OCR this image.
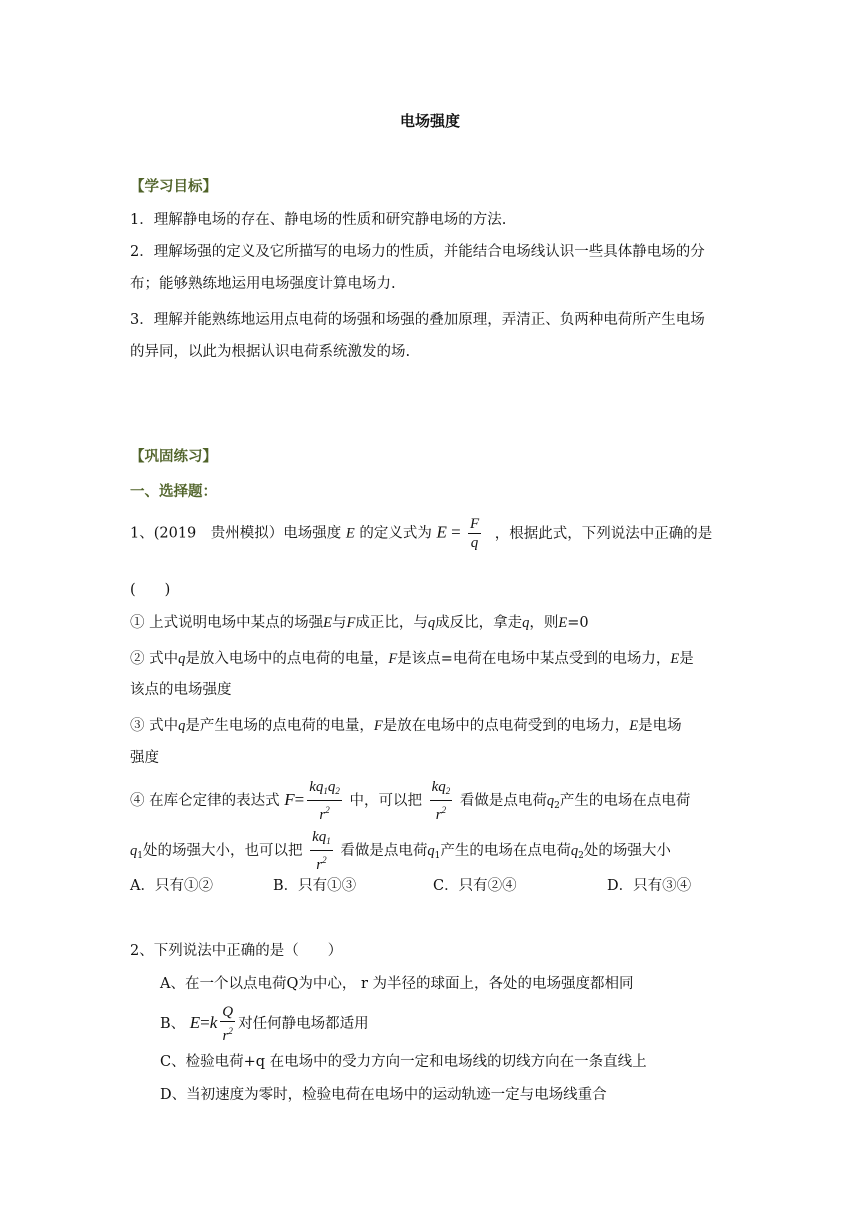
电场强度
【学习目标】
1．理解静电场的存在、静电场的性质和研究静电场的方法.
2．理解场强的定义及它所描写的电场力的性质，并能结合电场线认识一些具体静电场的分
布；能够熟练地运用电场强度计算电场力.
3．理解并能熟练地运用点电荷的场强和场强的叠加原理，弄清正、负两种电荷所产生电场
的异同，以此为根据认识电荷系统激发的场.
【巩固练习】
一、选择题：
1、(2019　贵州模拟）电场强度 E 的定义式为 $E = \frac{F}{q}$ ，根据此式，下列说法中正确的是
(　　)
① 上式说明电场中某点的场强E与F成正比，与q成反比，拿走q，则E=0
② 式中q是放入电场中的点电荷的电量，F是该点=电荷在电场中某点受到的电场力，E是
该点的电场强度
③ 式中q是产生电场的点电荷的电量，F是放在电场中的点电荷受到的电场力，E是电场
强度
④ 在库仑定律的表达式 $F= \frac{kq_1q_2}{r^2}$ 中，可以把 $\frac{kq_2}{r^2}$ 看做是点电荷$q_2$产生的电场在点电荷
$q_1$处的场强大小，也可以把 $\frac{kq_1}{r^2}$ 看做是点电荷$q_1$产生的电场在点电荷$q_2$处的场强大小
A．只有①②	B．只有①③	C．只有②④	D．只有③④
2、下列说法中正确的是（　　）
A、在一个以点电荷Q为中心， r 为半径的球面上，各处的电场强度都相同
B、 $E=k \frac{Q}{r^2}$ 对任何静电场都适用
C、检验电荷+q 在电场中的受力方向一定和电场线的切线方向在一条直线上
D、当初速度为零时，检验电荷在电场中的运动轨迹一定与电场线重合
